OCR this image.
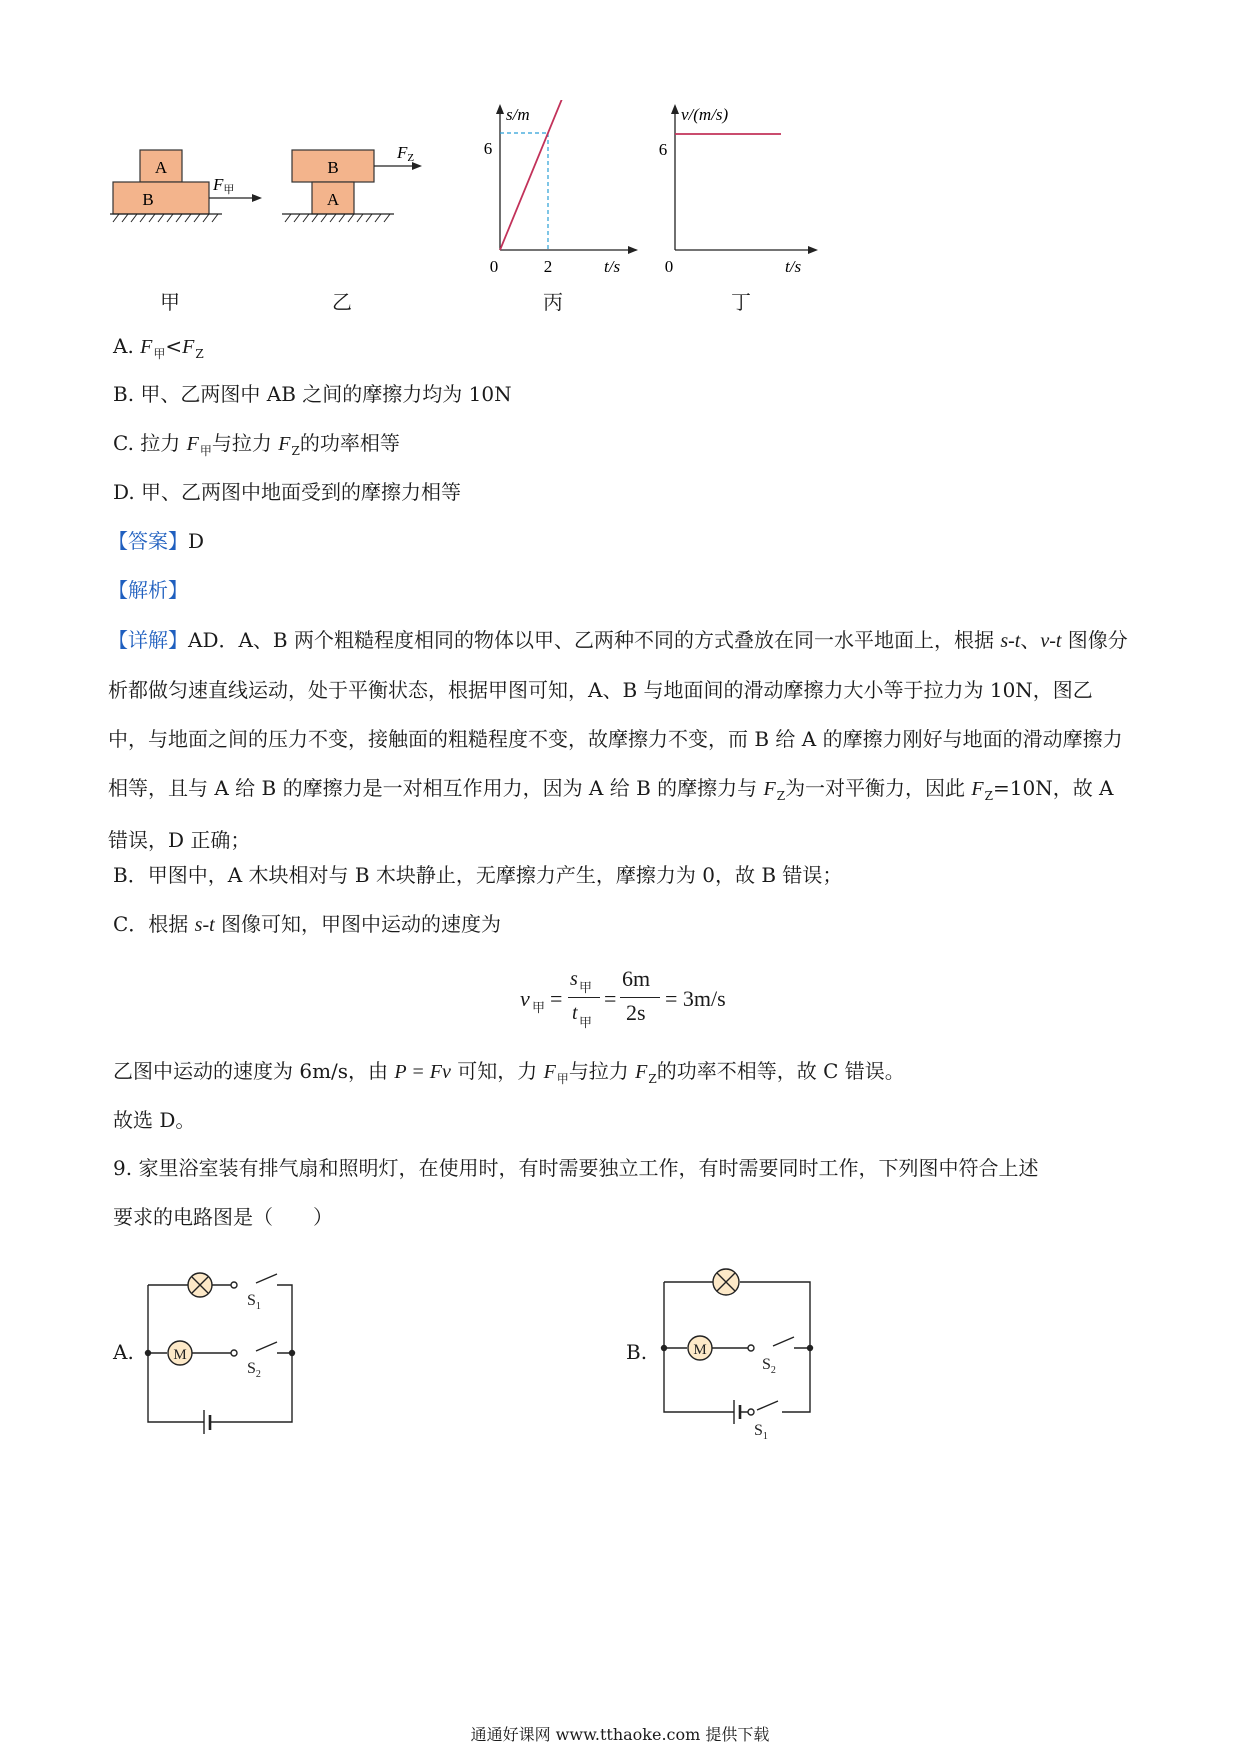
A
B
F甲
甲
B
A
FZ
乙
s/m
t/s
0
6
2
丙
v/(m/s)
t/s
0
6
丁
A. $F_甲<F_Z$
B. 甲、乙两图中 AB 之间的摩擦力均为 10N
C. 拉力 $F_甲$与拉力 $F_Z$的功率相等
D. 甲、乙两图中地面受到的摩擦力相等
【答案】D
【解析】
【详解】AD．A、B 两个粗糙程度相同的物体以甲、乙两种不同的方式叠放在同一水平地面上，根据 s-t、v-t 图像分析都做匀速直线运动，处于平衡状态，根据甲图可知，A、B 与地面间的滑动摩擦力大小等于拉力为 10N，图乙中，与地面之间的压力不变，接触面的粗糙程度不变，故摩擦力不变，而 B 给 A 的摩擦力刚好与地面的滑动摩擦力相等，且与 A 给 B 的摩擦力是一对相互作用力，因为 A 给 B 的摩擦力与 $F_Z$为一对平衡力，因此 $F_Z=10N$，故 A 错误，D 正确；
B．甲图中，A 木块相对与 B 木块静止，无摩擦力产生，摩擦力为 0，故 B 错误；
C．根据 s-t 图像可知，甲图中运动的速度为
v 甲 =
s 甲
t 甲
=
6m
2s
= 3m/s
乙图中运动的速度为 6m/s，由 P = Fv 可知，力 $F_甲$与拉力 $F_Z$的功率不相等，故 C 错误。
故选 D。
9. 家里浴室装有排气扇和照明灯，在使用时，有时需要独立工作，有时需要同时工作，下列图中符合上述
要求的电路图是（　　）
A.	M
$S_1$
$S_2$
B.	M
$S_2$
$S_1$
通通好课网 www.tthaoke.com 提供下载
